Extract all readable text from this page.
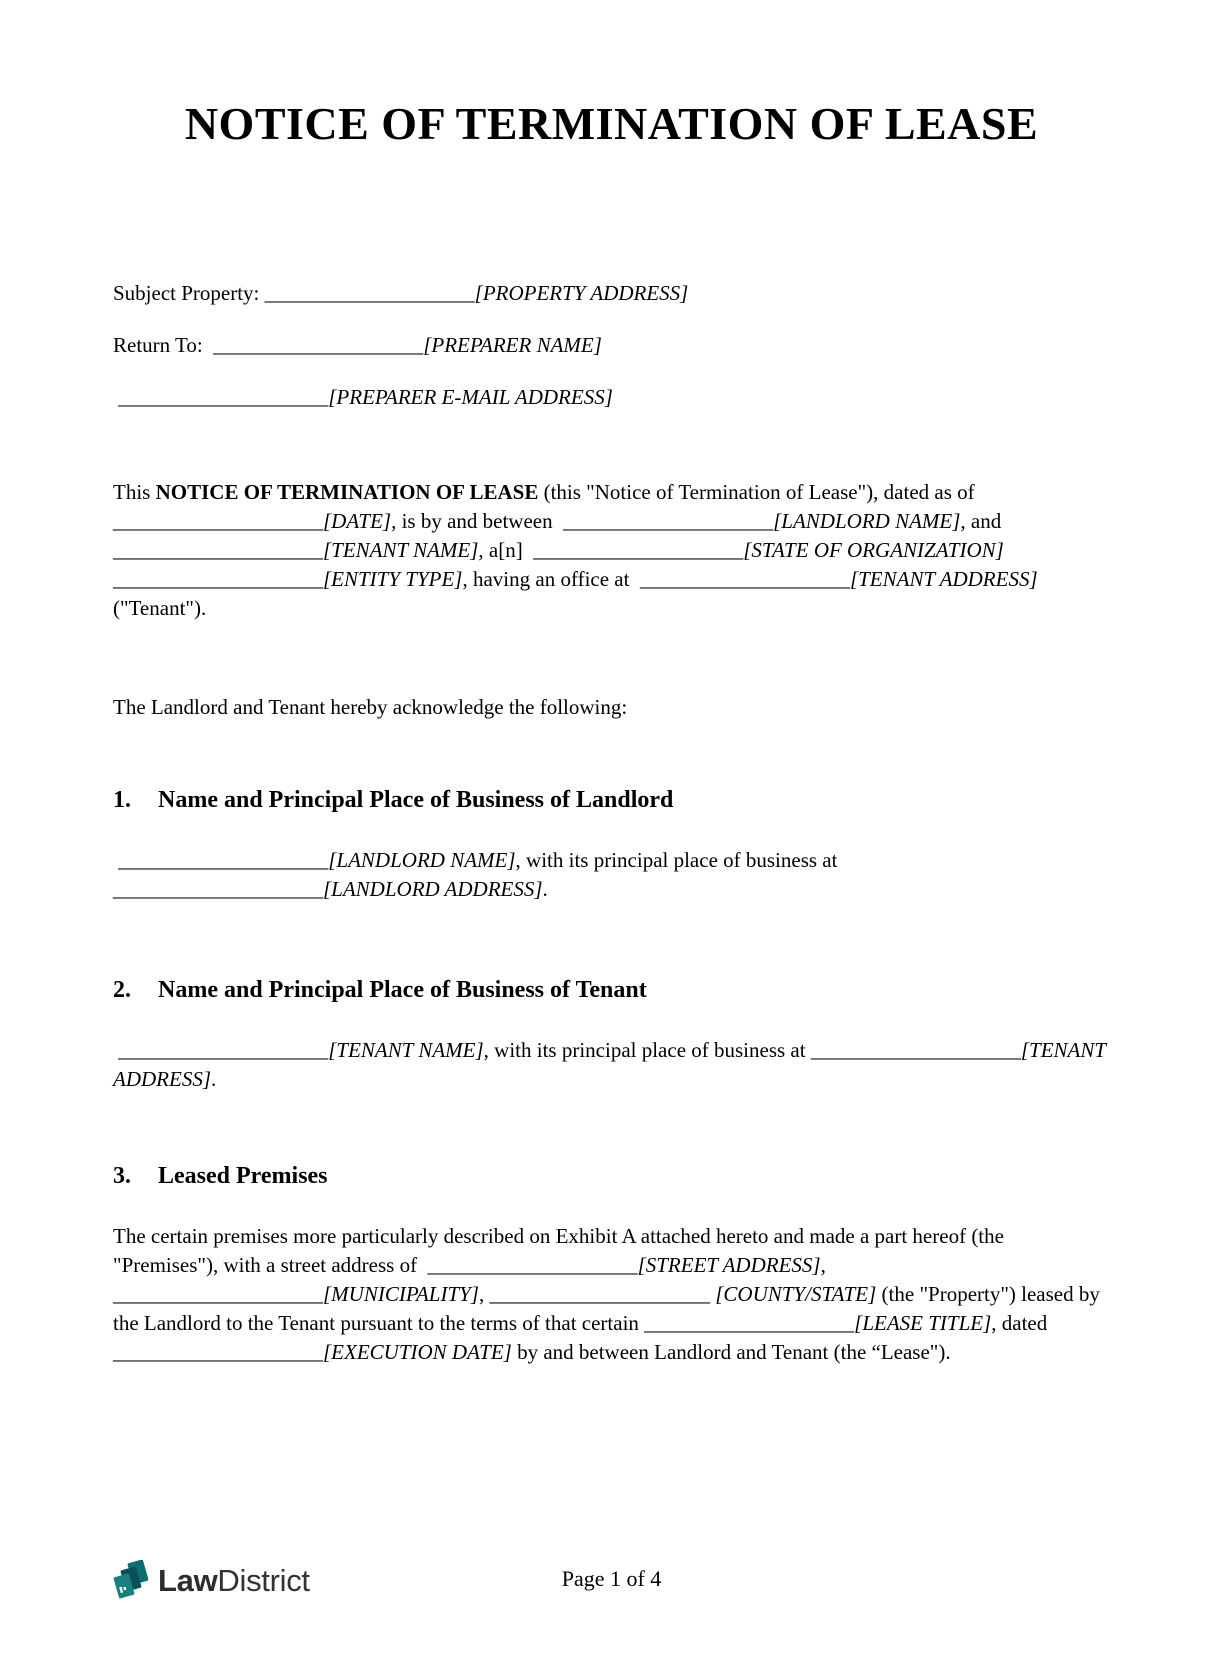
NOTICE OF TERMINATION OF LEASE

Subject Property: ____________________[PROPERTY ADDRESS]

Return To:  ____________________[PREPARER NAME]

____________________[PREPARER E-MAIL ADDRESS]

This NOTICE OF TERMINATION OF LEASE (this "Notice of Termination of Lease"), dated as of ____________________[DATE], is by and between  ____________________[LANDLORD NAME], and ____________________[TENANT NAME], a[n]  ____________________[STATE OF ORGANIZATION] ____________________[ENTITY TYPE], having an office at  ____________________[TENANT ADDRESS] ("Tenant").

The Landlord and Tenant hereby acknowledge the following:

1.	Name and Principal Place of Business of Landlord

____________________[LANDLORD NAME], with its principal place of business at ____________________[LANDLORD ADDRESS].

2.	Name and Principal Place of Business of Tenant

____________________[TENANT NAME], with its principal place of business at ____________________[TENANT ADDRESS].

3.	Leased Premises

The certain premises more particularly described on Exhibit A attached hereto and made a part hereof (the "Premises"), with a street address of  ____________________[STREET ADDRESS], ____________________[MUNICIPALITY], _____________________ [COUNTY/STATE] (the "Property") leased by the Landlord to the Tenant pursuant to the terms of that certain ____________________[LEASE TITLE], dated  ____________________[EXECUTION DATE] by and between Landlord and Tenant (the “Lease").

Law District	Page 1 of 4
